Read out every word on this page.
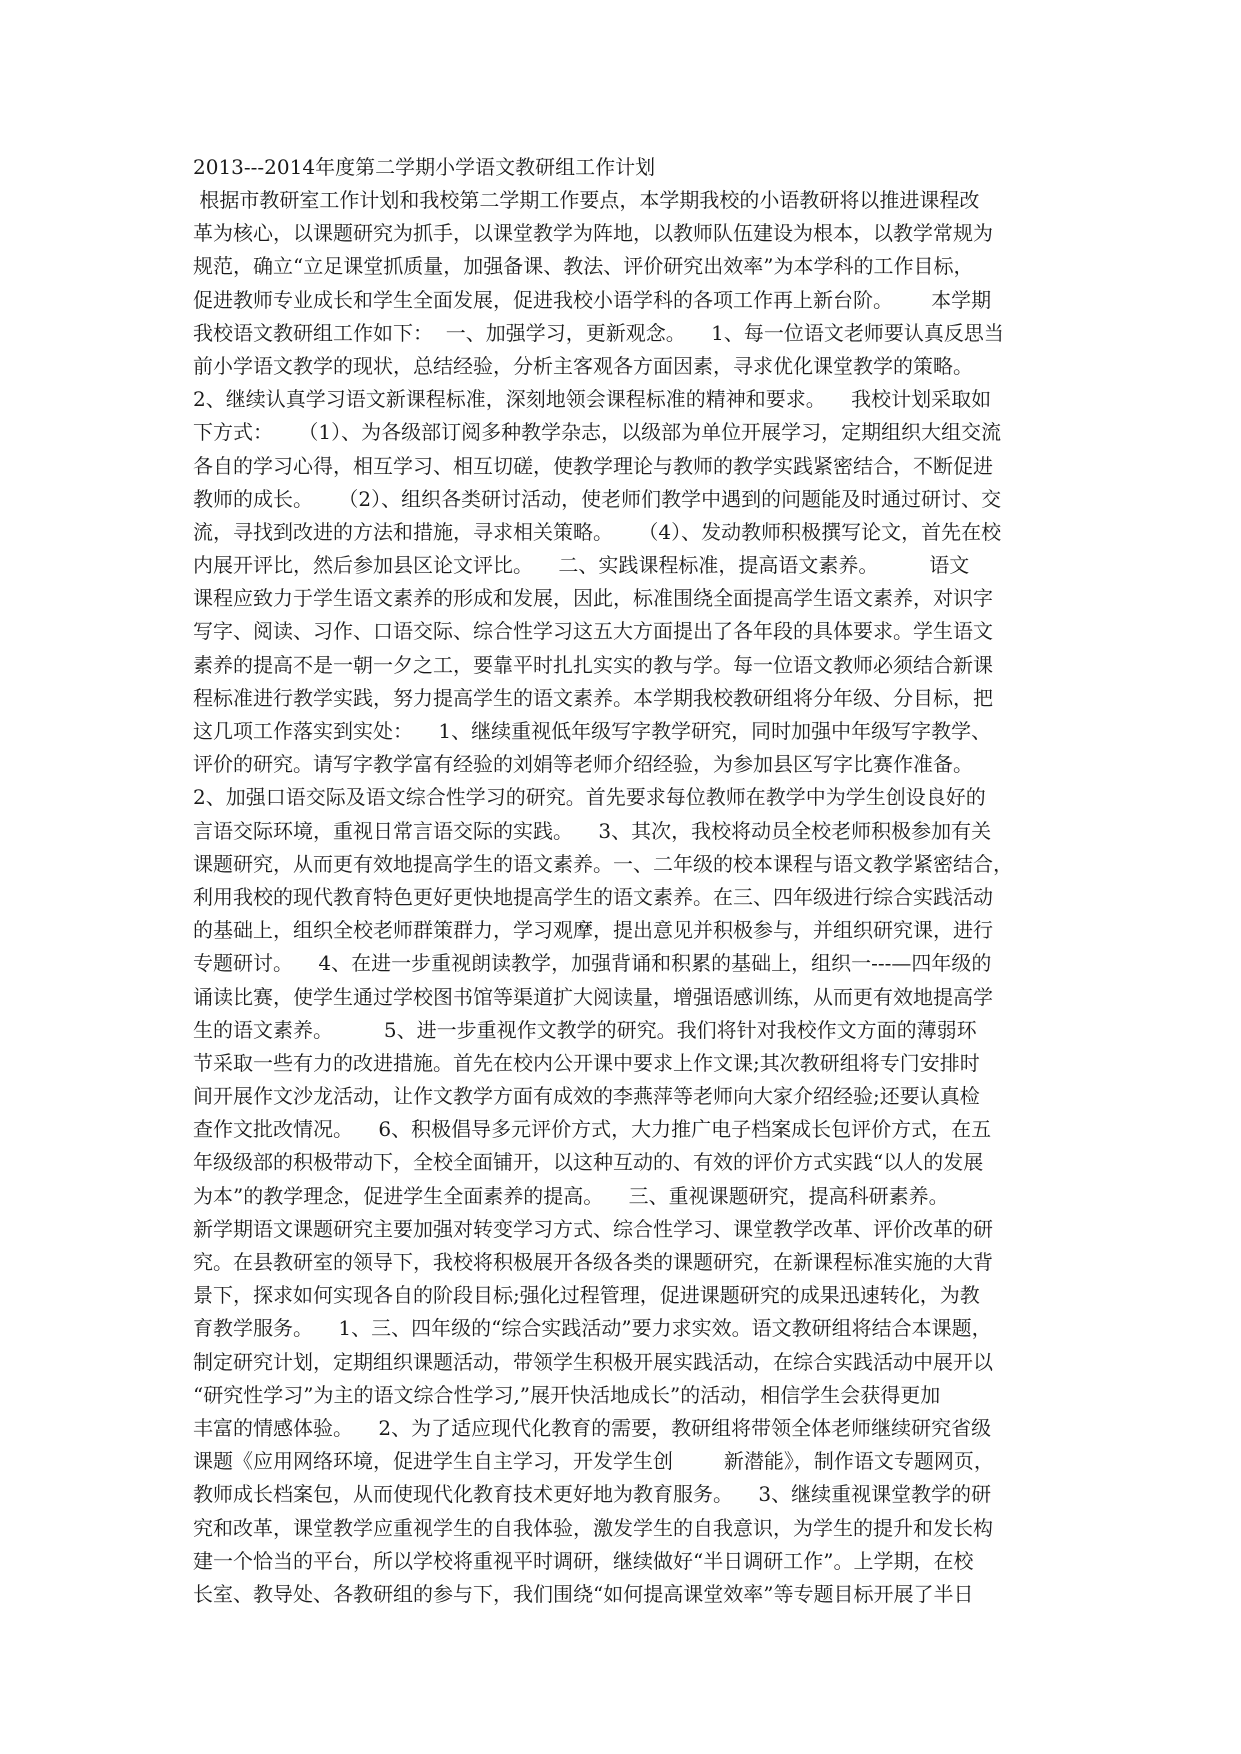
2013---2014年度第二学期小学语文教研组工作计划
根据市教研室工作计划和我校第二学期工作要点，本学期我校的小语教研将以推进课程改
革为核心，以课题研究为抓手，以课堂教学为阵地，以教师队伍建设为根本，以教学常规为
规范，确立“立足课堂抓质量，加强备课、教法、评价研究出效率”为本学科的工作目标，
促进教师专业成长和学生全面发展，促进我校小语学科的各项工作再上新台阶。      本学期
我校语文教研组工作如下：  一、加强学习，更新观念。    1、每一位语文老师要认真反思当
前小学语文教学的现状，总结经验，分析主客观各方面因素，寻求优化课堂教学的策略。
2、继续认真学习语文新课程标准，深刻地领会课程标准的精神和要求。    我校计划采取如
下方式：    （1）、为各级部订阅多种教学杂志，以级部为单位开展学习，定期组织大组交流
各自的学习心得，相互学习、相互切磋，使教学理论与教师的教学实践紧密结合，不断促进
教师的成长。    （2）、组织各类研讨活动，使老师们教学中遇到的问题能及时通过研讨、交
流，寻找到改进的方法和措施，寻求相关策略。    （4）、发动教师积极撰写论文，首先在校
内展开评比，然后参加县区论文评比。    二、实践课程标准，提高语文素养。        语文
课程应致力于学生语文素养的形成和发展，因此，标准围绕全面提高学生语文素养，对识字
写字、阅读、习作、口语交际、综合性学习这五大方面提出了各年段的具体要求。学生语文
素养的提高不是一朝一夕之工，要靠平时扎扎实实的教与学。每一位语文教师必须结合新课
程标准进行教学实践，努力提高学生的语文素养。本学期我校教研组将分年级、分目标，把
这几项工作落实到实处：    1、继续重视低年级写字教学研究，同时加强中年级写字教学、
评价的研究。请写字教学富有经验的刘娟等老师介绍经验，为参加县区写字比赛作准备。
2、加强口语交际及语文综合性学习的研究。首先要求每位教师在教学中为学生创设良好的
言语交际环境，重视日常言语交际的实践。    3、其次，我校将动员全校老师积极参加有关
课题研究，从而更有效地提高学生的语文素养。一、二年级的校本课程与语文教学紧密结合，
利用我校的现代教育特色更好更快地提高学生的语文素养。在三、四年级进行综合实践活动
的基础上，组织全校老师群策群力，学习观摩，提出意见并积极参与，并组织研究课，进行
专题研讨。    4、在进一步重视朗读教学，加强背诵和积累的基础上，组织一---—四年级的
诵读比赛，使学生通过学校图书馆等渠道扩大阅读量，增强语感训练，从而更有效地提高学
生的语文素养。        5、进一步重视作文教学的研究。我们将针对我校作文方面的薄弱环
节采取一些有力的改进措施。首先在校内公开课中要求上作文课;其次教研组将专门安排时
间开展作文沙龙活动，让作文教学方面有成效的李燕萍等老师向大家介绍经验;还要认真检
查作文批改情况。    6、积极倡导多元评价方式，大力推广电子档案成长包评价方式，在五
年级级部的积极带动下，全校全面铺开，以这种互动的、有效的评价方式实践“以人的发展
为本”的教学理念，促进学生全面素养的提高。    三、重视课题研究，提高科研素养。
新学期语文课题研究主要加强对转变学习方式、综合性学习、课堂教学改革、评价改革的研
究。在县教研室的领导下，我校将积极展开各级各类的课题研究，在新课程标准实施的大背
景下，探求如何实现各自的阶段目标;强化过程管理，促进课题研究的成果迅速转化，为教
育教学服务。    1、三、四年级的“综合实践活动”要力求实效。语文教研组将结合本课题，
制定研究计划，定期组织课题活动，带领学生积极开展实践活动，在综合实践活动中展开以
“研究性学习”为主的语文综合性学习,”展开快活地成长”的活动，相信学生会获得更加
丰富的情感体验。    2、为了适应现代化教育的需要，教研组将带领全体老师继续研究省级
课题《应用网络环境，促进学生自主学习，开发学生创        新潜能》，制作语文专题网页，
教师成长档案包，从而使现代化教育技术更好地为教育服务。    3、继续重视课堂教学的研
究和改革，课堂教学应重视学生的自我体验，激发学生的自我意识，为学生的提升和发长构
建一个恰当的平台，所以学校将重视平时调研，继续做好“半日调研工作”。上学期，在校
长室、教导处、各教研组的参与下，我们围绕“如何提高课堂效率”等专题目标开展了半日
